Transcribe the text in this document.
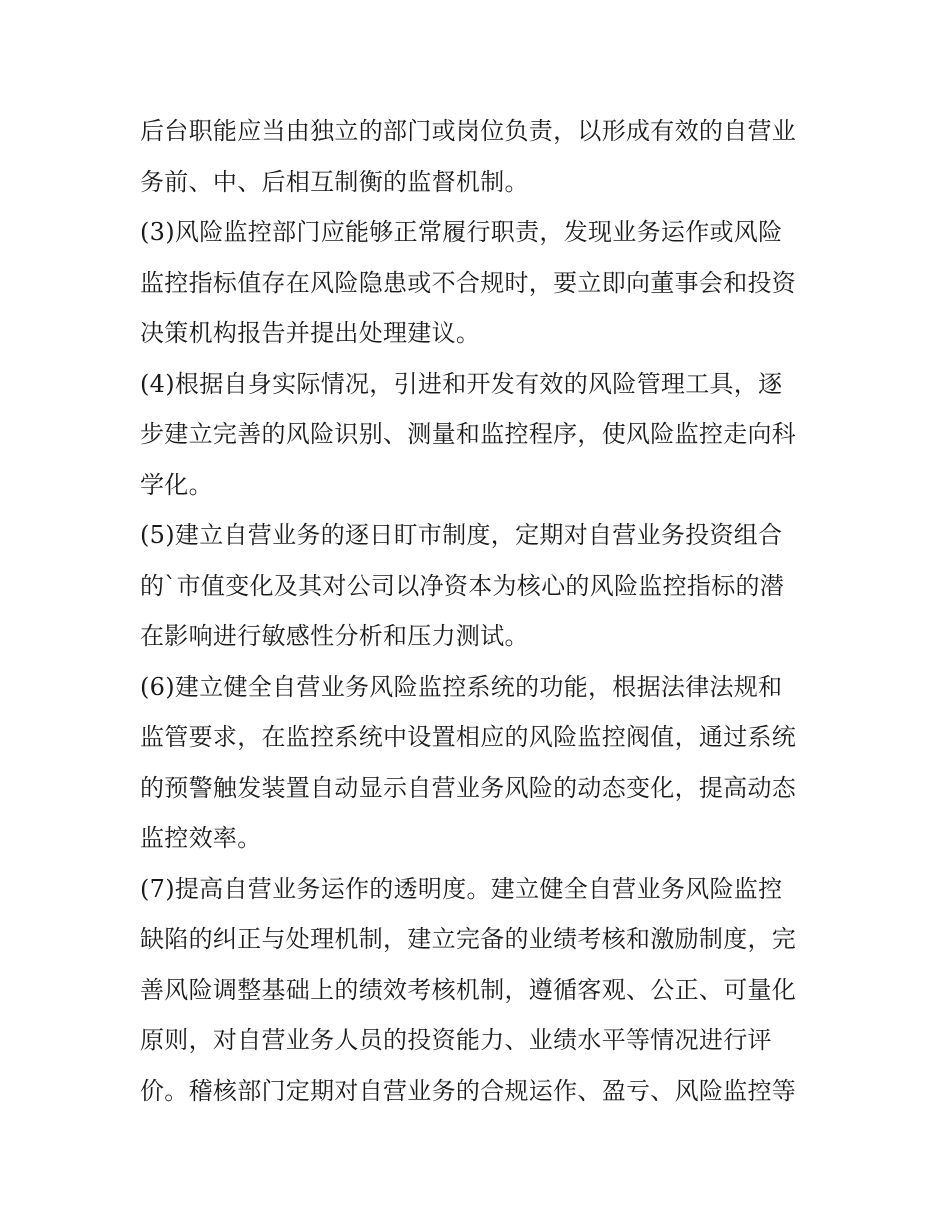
后台职能应当由独立的部门或岗位负责，以形成有效的自营业
务前、中、后相互制衡的监督机制。
(3)风险监控部门应能够正常履行职责，发现业务运作或风险
监控指标值存在风险隐患或不合规时，要立即向董事会和投资
决策机构报告并提出处理建议。
(4)根据自身实际情况，引进和开发有效的风险管理工具，逐
步建立完善的风险识别、测量和监控程序，使风险监控走向科
学化。
(5)建立自营业务的逐日盯市制度，定期对自营业务投资组合
的`市值变化及其对公司以净资本为核心的风险监控指标的潜
在影响进行敏感性分析和压力测试。
(6)建立健全自营业务风险监控系统的功能，根据法律法规和
监管要求，在监控系统中设置相应的风险监控阀值，通过系统
的预警触发装置自动显示自营业务风险的动态变化，提高动态
监控效率。
(7)提高自营业务运作的透明度。建立健全自营业务风险监控
缺陷的纠正与处理机制，建立完备的业绩考核和激励制度，完
善风险调整基础上的绩效考核机制，遵循客观、公正、可量化
原则，对自营业务人员的投资能力、业绩水平等情况进行评
价。稽核部门定期对自营业务的合规运作、盈亏、风险监控等
